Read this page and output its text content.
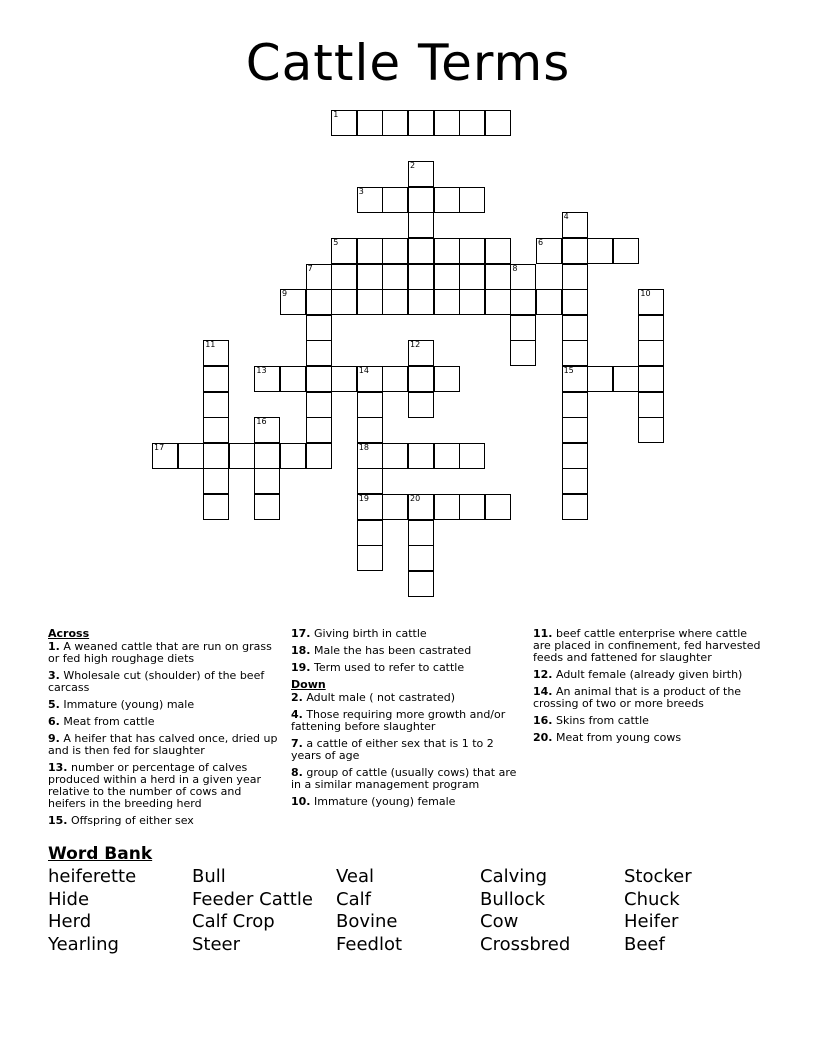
Cattle Terms
1
3
5	6
7	8
9
13	14	15
17	18
19	20
2
4
10
11	12
16
Across
1. A weaned cattle that are run on grass or fed high roughage diets
3. Wholesale cut (shoulder) of the beef carcass
5. Immature (young) male
6. Meat from cattle
9. A heifer that has calved once, dried up and is then fed for slaughter
13. number or percentage of calves produced within a herd in a given year relative to the number of cows and heifers in the breeding herd
15. Offspring of either sex
17. Giving birth in cattle
18. Male the has been castrated
19. Term used to refer to cattle
Down
2. Adult male ( not castrated)
4. Those requiring more growth and/or fattening before slaughter
7. a cattle of either sex that is 1 to 2 years of age
8. group of cattle (usually cows) that are in a similar management program
10. Immature (young) female
11. beef cattle enterprise where cattle are placed in confinement, fed harvested feeds and fattened for slaughter
12. Adult female (already given birth)
14. An animal that is a product of the crossing of two or more breeds
16. Skins from cattle
20. Meat from young cows
Word Bank
heiferette	Bull	Veal	Calving	Stocker
Hide	Feeder Cattle	Calf	Bullock	Chuck
Herd	Calf Crop	Bovine	Cow	Heifer
Yearling	Steer	Feedlot	Crossbred	Beef
